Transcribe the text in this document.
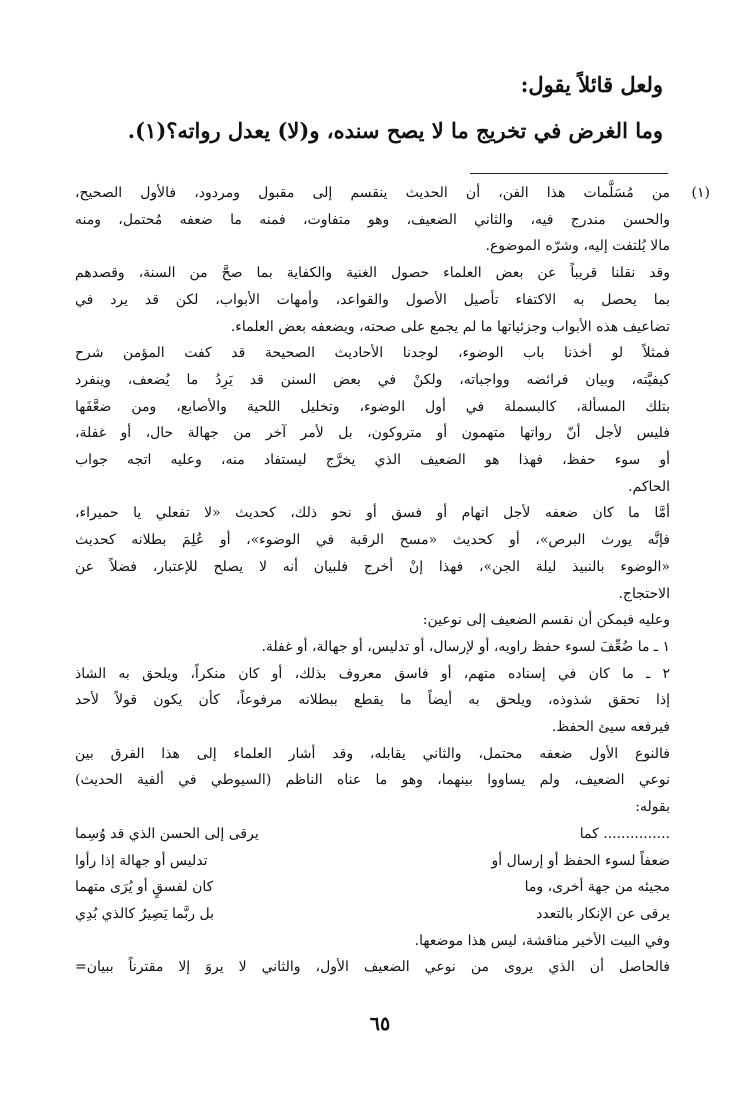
ولعل قائلاً يقول:
وما الغرض في تخريج ما لا يصح سنده، و(لا) يعدل رواته؟(١).

(١)من مُسَلَّمات هذا الفن، أن الحديث ينقسم إلى مقبول ومردود، فالأول الصحيح،

والحسن مندرج فيه، والثاني الضعيف، وهو متفاوت، فمنه ما ضعفه مُحتمل، ومنه

مالا يُلتفت إليه، وشرّه الموضوع.

وقد نقلنا قريباً عن بعض العلماء حصول الغنية والكفاية بما صحَّ من السنة، وقصدهم

بما يحصل به الاكتفاء تأصيل الأصول والقواعد، وأمهات الأبواب، لكن قد يرد في

تضاعيف هذه الأبواب وجزئياتها ما لم يجمع على صحته، ويضعفه بعض العلماء.

فمثلاً لو أخذنا باب الوضوء، لوجدنا الأحاديث الصحيحة قد كفت المؤمن شرح

كيفيَّته، وبيان فرائضه وواجباته، ولكنْ في بعض السنن قد يَرِدُ ما يُضعف، وينفرد

بتلك المسألة، كالبسملة في أول الوضوء، وتخليل اللحية والأصابع، ومن ضعَّفَها

فليس لأجل أنّ رواتها متهمون أو متروكون، بل لأمر آخر من جهالة حال، أو غفلة،

أو سوء حفظ، فهذا هو الضعيف الذي يخرَّج ليستفاد منه، وعليه اتجه جواب

الحاكم.

أمَّا ما كان ضعفه لأجل اتهام أو فسق أو نحو ذلك، كحديث «لا تفعلي يا حميراء،

فإنَّه يورث البرص»، أو كحديث «مسح الرقبة في الوضوء»، أو عُلِمَ بطلانه كحديث

«الوضوء بالنبيذ ليلة الجن»، فهذا إنْ أخرج فلبيان أنه لا يصلح للإعتبار، فضلاً عن

الاحتجاج.

وعليه فيمكن أن نقسم الضعيف إلى نوعين:

١ ـ ما ضُعِّفَ لسوء حفظ راويه، أو لإرسال، أو تدليس، أو جهالة، أو غفلة.

٢ ـ ما كان في إسناده متهم، أو فاسق معروف بذلك، أو كان منكراً، ويلحق به الشاذ

إذا تحقق شذوذه، ويلحق به أيضاً ما يقطع ببطلانه مرفوعاً، كأن يكون قولاً لأحد

فيرفعه سيئ الحفظ.

فالنوع الأول ضعفه محتمل، والثاني يقابله، وقد أشار العلماء إلى هذا الفرق بين

نوعي الضعيف، ولم يساووا بينهما، وهو ما عناه الناظم (السيوطي في ألفية الحديث)

بقوله:

............... كما
يرقى إلى الحسن الذي قد وُسِما
ضعفاً لسوء الحفظ أو إرسال أو
تدليس أو جهالة إذا رأوا
مجيئه من جهة أخرى، وما
كان لفسقٍ أو يُرَى متهما
يرقى عن الإنكار بالتعدد
بل ربَّما يَصِيرُ كالذي بُدِي

وفي البيت الأخير مناقشة، ليس هذا موضعها.

فالحاصل أن الذي يروى من نوعي الضعيف الأول، والثاني لا يروَ إلا مقترناً ببيان=

٦٥
